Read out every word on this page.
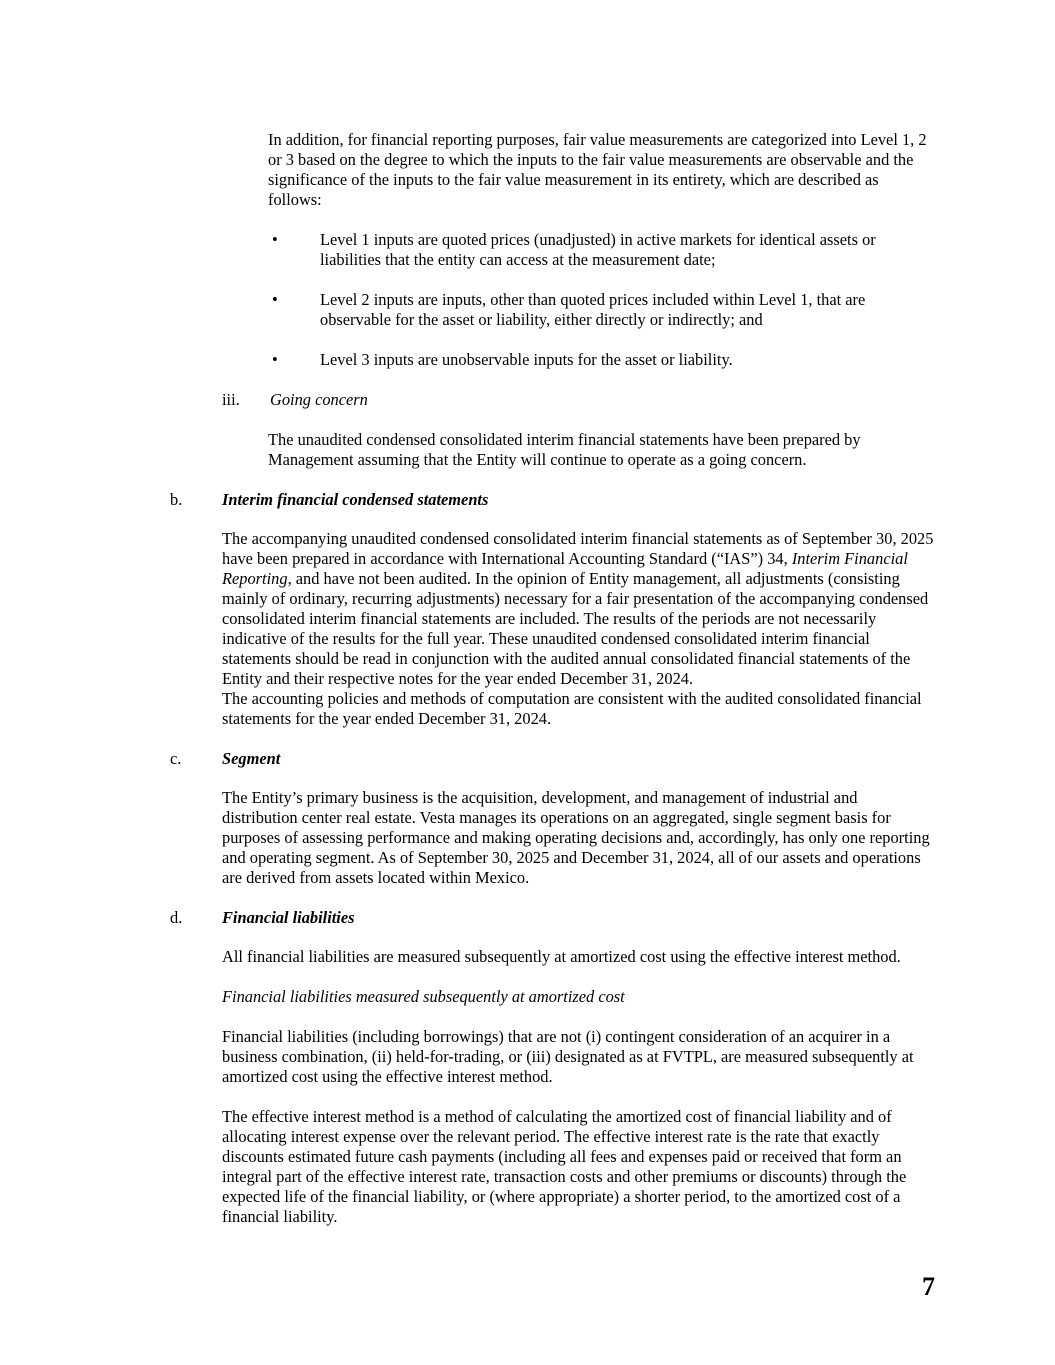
In addition, for financial reporting purposes, fair value measurements are categorized into Level 1, 2 or 3 based on the degree to which the inputs to the fair value measurements are observable and the significance of the inputs to the fair value measurement in its entirety, which are described as follows:

•	Level 1 inputs are quoted prices (unadjusted) in active markets for identical assets or liabilities that the entity can access at the measurement date;
•	Level 2 inputs are inputs, other than quoted prices included within Level 1, that are observable for the asset or liability, either directly or indirectly; and
•	Level 3 inputs are unobservable inputs for the asset or liability.
iii.	Going concern

The unaudited condensed consolidated interim financial statements have been prepared by Management assuming that the Entity will continue to operate as a going concern.

b.	Interim financial condensed statements

The accompanying unaudited condensed consolidated interim financial statements as of September 30, 2025 have been prepared in accordance with International Accounting Standard (“IAS”) 34, Interim Financial Reporting, and have not been audited. In the opinion of Entity management, all adjustments (consisting mainly of ordinary, recurring adjustments) necessary for a fair presentation of the accompanying condensed consolidated interim financial statements are included. The results of the periods are not necessarily indicative of the results for the full year. These unaudited condensed consolidated interim financial statements should be read in conjunction with the audited annual consolidated financial statements of the Entity and their respective notes for the year ended December 31, 2024.

The accounting policies and methods of computation are consistent with the audited consolidated financial statements for the year ended December 31, 2024.

c.	Segment

The Entity’s primary business is the acquisition, development, and management of industrial and distribution center real estate. Vesta manages its operations on an aggregated, single segment basis for purposes of assessing performance and making operating decisions and, accordingly, has only one reporting and operating segment. As of September 30, 2025 and December 31, 2024, all of our assets and operations are derived from assets located within Mexico.

d.	Financial liabilities

All financial liabilities are measured subsequently at amortized cost using the effective interest method.

Financial liabilities measured subsequently at amortized cost

Financial liabilities (including borrowings) that are not (i) contingent consideration of an acquirer in a business combination, (ii) held-for-trading, or (iii) designated as at FVTPL, are measured subsequently at amortized cost using the effective interest method.

The effective interest method is a method of calculating the amortized cost of financial liability and of allocating interest expense over the relevant period. The effective interest rate is the rate that exactly discounts estimated future cash payments (including all fees and expenses paid or received that form an integral part of the effective interest rate, transaction costs and other premiums or discounts) through the expected life of the financial liability, or (where appropriate) a shorter period, to the amortized cost of a financial liability.

7
